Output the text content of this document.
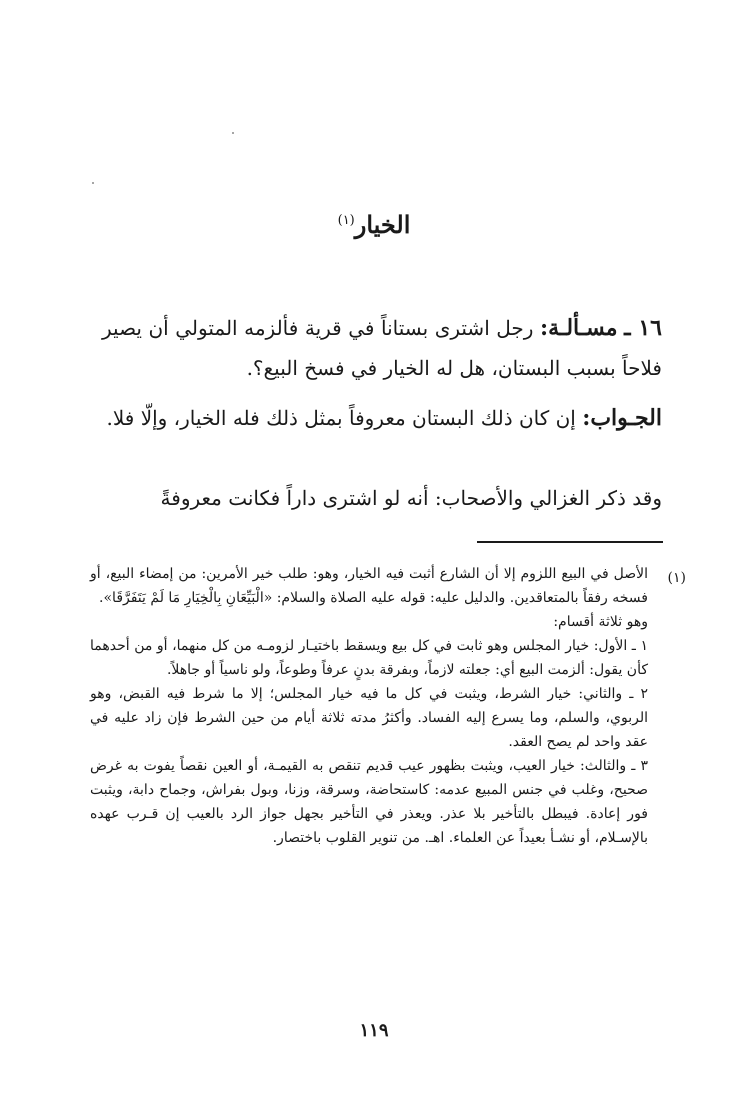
الخيار$^{(١)}$
١٦ ـ مسـألـة: رجل اشترى بستاناً في قرية فألزمه المتولي أن يصير فلاحاً بسبب البستان، هل له الخيار في فسخ البيع؟.
الجـواب: إن كان ذلك البستان معروفاً بمثل ذلك فله الخيار، وإلّا فلا.
وقد ذكر الغزالي والأصحاب: أنه لو اشترى داراً فكانت معروفةً
(١)

الأصل في البيع اللزوم إلا أن الشارع أثبت فيه الخيار، وهو: طلب خير الأمرين: من إمضاء البيع، أو فسخه رفقاً بالمتعاقدين. والدليل عليه: قوله عليه الصلاة والسلام: «الْبَيِّعَانِ بِالْخِيَارِ مَا لَمْ يَتَفَرَّقَا».

وهو ثلاثة أقسام:

١ ـ الأول: خيار المجلس وهو ثابت في كل بيع ويسقط باختيـار لزومـه من كل منهما، أو من أحدهما كأن يقول: ألزمت البيع أي: جعلته لازماً، وبفرقة بدنٍ عرفاً وطوعاً، ولو ناسياً أو جاهلاً.

٢ ـ والثاني: خيار الشرط، ويثبت في كل ما فيه خيار المجلس؛ إلا ما شرط فيه القبض، وهو الربوي، والسلم، وما يسرع إليه الفساد. وأكثرُ مدته ثلاثة أيام من حين الشرط فإن زاد عليه في عقد واحد لم يصح العقد.

٣ ـ والثالث: خيار العيب، ويثبت بظهور عيب قديم تنقص به القيمـة، أو العين نقصاً يفوت به غرض صحيح، وغلب في جنس المبيع عدمه: كاستحاضة، وسرقة، وزنا، وبول بفراش، وجماح دابة، ويثبت فور إعادة. فيبطل بالتأخير بلا عذر. ويعذر في التأخير بجهل جواز الرد بالعيب إن قـرب عهده بالإسـلام، أو نشـأ بعيداً عن العلماء. اهـ. من تنوير القلوب باختصار.

١١٩
